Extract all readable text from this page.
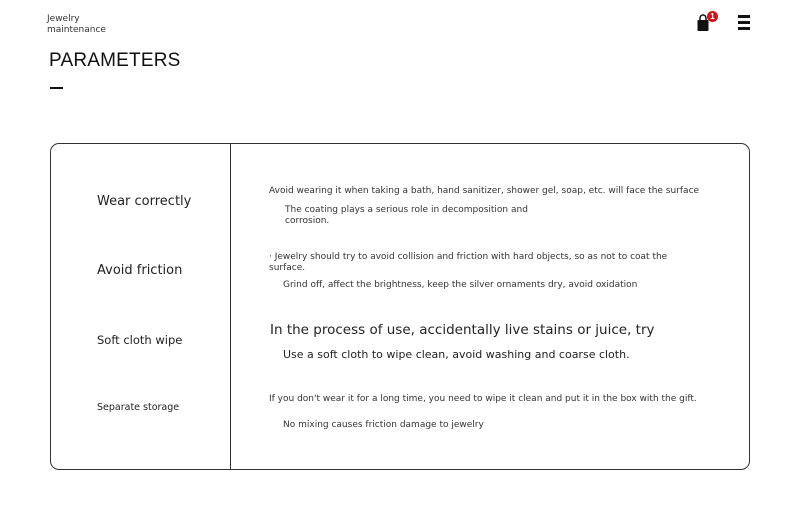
Jewelry
maintenance
1
PARAMETERS
Wear correctly
Avoid wearing it when taking a bath, hand sanitizer, shower gel, soap, etc. will face the surface
The coating plays a serious role in decomposition and corrosion.
Avoid friction
· Jewelry should try to avoid collision and friction with hard objects, so as not to coat the surface.
Grind off, affect the brightness, keep the silver ornaments dry, avoid oxidation
Soft cloth wipe
In the process of use, accidentally live stains or juice, try
Use a soft cloth to wipe clean, avoid washing and coarse cloth.
Separate storage
If you don't wear it for a long time, you need to wipe it clean and put it in the box with the gift.
No mixing causes friction damage to jewelry
